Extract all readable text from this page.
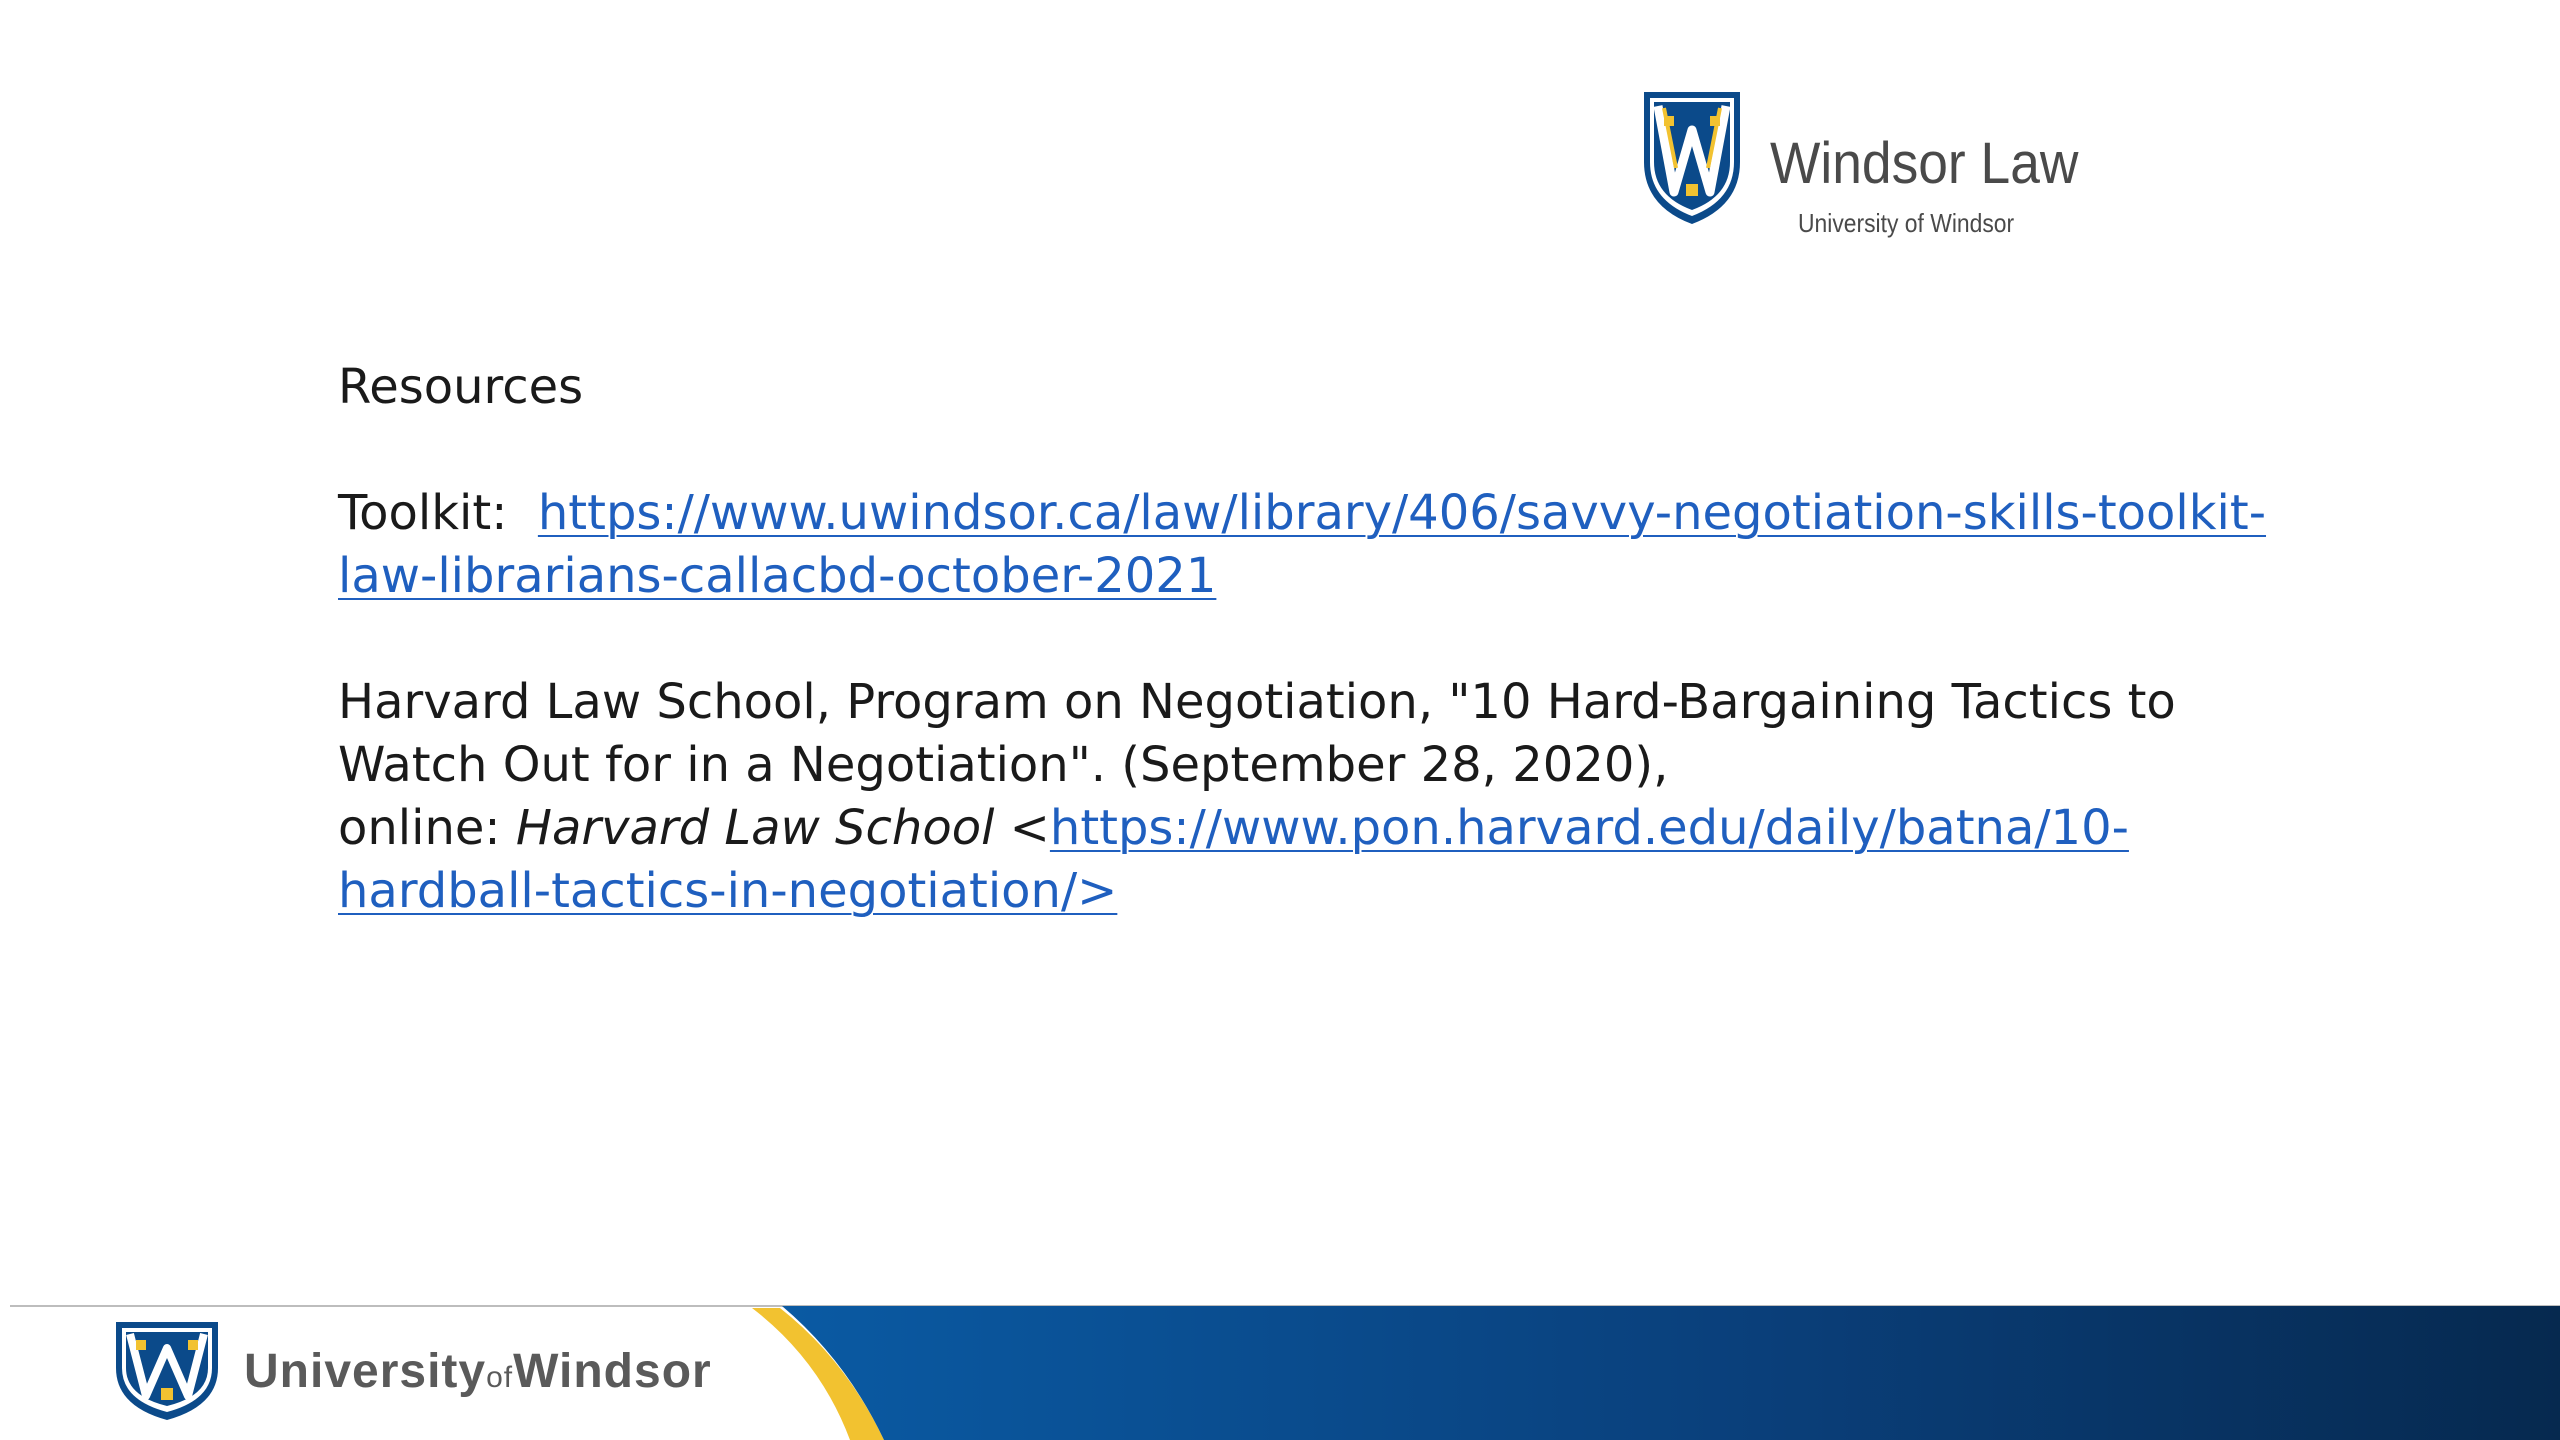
Windsor Law
University of Windsor

Resources

Toolkit: https://www.uwindsor.ca/law/library/406/savvy-negotiation-skills-toolkit-law-librarians-callacbd-october-2021

Harvard Law School, Program on Negotiation, "10 Hard-Bargaining Tactics to Watch Out for in a Negotiation". (September 28, 2020),
online: Harvard Law School <https://www.pon.harvard.edu/daily/batna/10-hardball-tactics-in-negotiation/>

UniversityofWindsor
